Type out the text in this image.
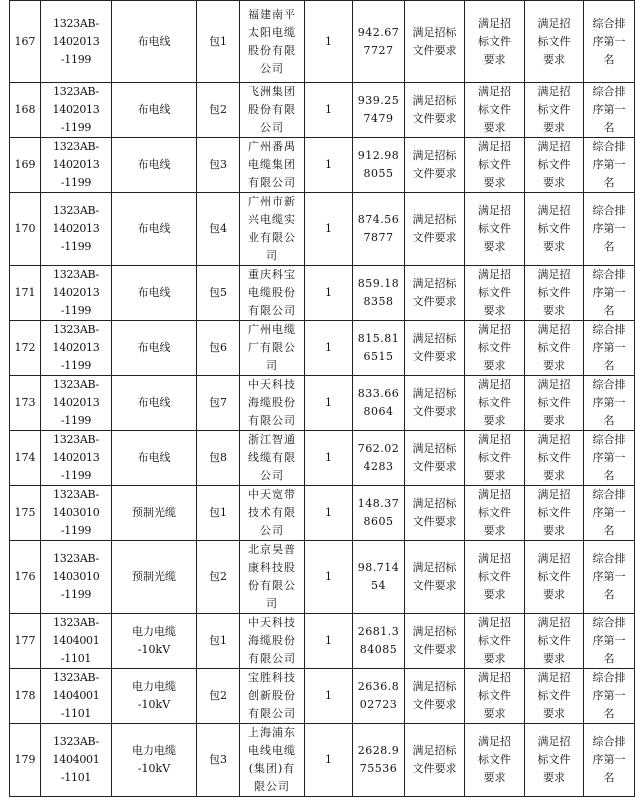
167	1323AB-
1402013
-1199	布电线	包1	福建南平
太阳电缆
股份有限
公司	1	942.67
7727	满足招标
文件要求	满足招
标文件
要求	满足招
标文件
要求	综合排
序第一
名

168	1323AB-
1402013
-1199	布电线	包2	飞洲集团
股份有限
公司	1	939.25
7479	满足招标
文件要求	满足招
标文件
要求	满足招
标文件
要求	综合排
序第一
名

169	1323AB-
1402013
-1199	布电线	包3	广州番禺
电缆集团
有限公司	1	912.98
8055	满足招标
文件要求	满足招
标文件
要求	满足招
标文件
要求	综合排
序第一
名

170	1323AB-
1402013
-1199	布电线	包4	广州市新
兴电缆实
业有限公
司	1	874.56
7877	满足招标
文件要求	满足招
标文件
要求	满足招
标文件
要求	综合排
序第一
名

171	1323AB-
1402013
-1199	布电线	包5	重庆科宝
电缆股份
有限公司	1	859.18
8358	满足招标
文件要求	满足招
标文件
要求	满足招
标文件
要求	综合排
序第一
名

172	1323AB-
1402013
-1199	布电线	包6	广州电缆
厂有限公
司	1	815.81
6515	满足招标
文件要求	满足招
标文件
要求	满足招
标文件
要求	综合排
序第一
名

173	1323AB-
1402013
-1199	布电线	包7	中天科技
海缆股份
有限公司	1	833.66
8064	满足招标
文件要求	满足招
标文件
要求	满足招
标文件
要求	综合排
序第一
名

174	1323AB-
1402013
-1199	布电线	包8	浙江智通
线缆有限
公司	1	762.02
4283	满足招标
文件要求	满足招
标文件
要求	满足招
标文件
要求	综合排
序第一
名

175	1323AB-
1403010
-1199	预制光缆	包1	中天宽带
技术有限
公司	1	148.37
8605	满足招标
文件要求	满足招
标文件
要求	满足招
标文件
要求	综合排
序第一
名

176	1323AB-
1403010
-1199	预制光缆	包2	北京昊普
康科技股
份有限公
司	1	98.714
54	满足招标
文件要求	满足招
标文件
要求	满足招
标文件
要求	综合排
序第一
名

177	1323AB-
1404001
-1101	电力电缆
-10kV	包1	中天科技
海缆股份
有限公司	1	2681.3
84085	满足招标
文件要求	满足招
标文件
要求	满足招
标文件
要求	综合排
序第一
名

178	1323AB-
1404001
-1101	电力电缆
-10kV	包2	宝胜科技
创新股份
有限公司	1	2636.8
02723	满足招标
文件要求	满足招
标文件
要求	满足招
标文件
要求	综合排
序第一
名

179	1323AB-
1404001
-1101	电力电缆
-10kV	包3	上海浦东
电线电缆
(集团)有
限公司	1	2628.9
75536	满足招标
文件要求	满足招
标文件
要求	满足招
标文件
要求	综合排
序第一
名
